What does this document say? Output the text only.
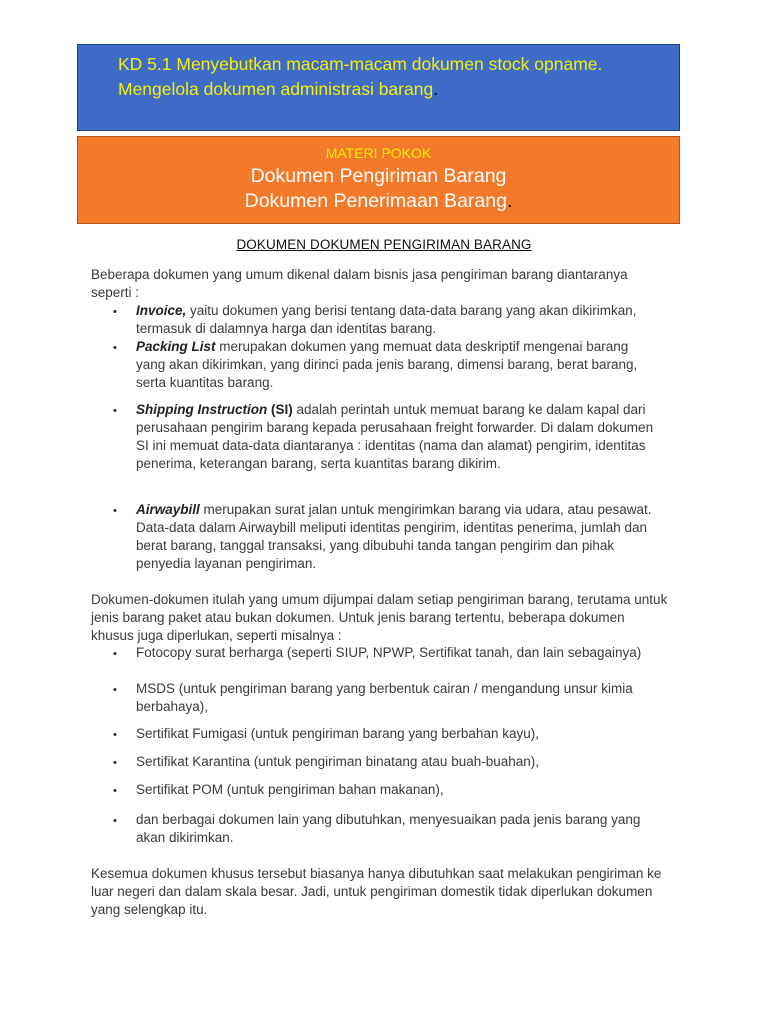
KD 5.1 Menyebutkan macam-macam dokumen stock opname. Mengelola dokumen administrasi barang.
MATERI POKOK
Dokumen Pengiriman Barang
Dokumen Penerimaan Barang.
DOKUMEN DOKUMEN PENGIRIMAN BARANG
Beberapa dokumen yang umum dikenal dalam bisnis jasa pengiriman barang diantaranya seperti :
• Invoice, yaitu dokumen yang berisi tentang data-data barang yang akan dikirimkan, termasuk di dalamnya harga dan identitas barang.
• Packing List merupakan dokumen yang memuat data deskriptif mengenai barang yang akan dikirimkan, yang dirinci pada jenis barang, dimensi barang, berat barang, serta kuantitas barang.
• Shipping Instruction (SI) adalah perintah untuk memuat barang ke dalam kapal dari perusahaan pengirim barang kepada perusahaan freight forwarder. Di dalam dokumen SI ini memuat data-data diantaranya : identitas (nama dan alamat) pengirim, identitas penerima, keterangan barang, serta kuantitas barang dikirim.
• Airwaybill merupakan surat jalan untuk mengirimkan barang via udara, atau pesawat. Data-data dalam Airwaybill meliputi identitas pengirim, identitas penerima, jumlah dan berat barang, tanggal transaksi, yang dibubuhi tanda tangan pengirim dan pihak penyedia layanan pengiriman.
Dokumen-dokumen itulah yang umum dijumpai dalam setiap pengiriman barang, terutama untuk jenis barang paket atau bukan dokumen. Untuk jenis barang tertentu, beberapa dokumen khusus juga diperlukan, seperti misalnya :
• Fotocopy surat berharga (seperti SIUP, NPWP, Sertifikat tanah, dan lain sebagainya)
• MSDS (untuk pengiriman barang yang berbentuk cairan / mengandung unsur kimia berbahaya),
• Sertifikat Fumigasi (untuk pengiriman barang yang berbahan kayu),
• Sertifikat Karantina (untuk pengiriman binatang atau buah-buahan),
• Sertifikat POM (untuk pengiriman bahan makanan),
• dan berbagai dokumen lain yang dibutuhkan, menyesuaikan pada jenis barang yang akan dikirimkan.
Kesemua dokumen khusus tersebut biasanya hanya dibutuhkan saat melakukan pengiriman ke luar negeri dan dalam skala besar. Jadi, untuk pengiriman domestik tidak diperlukan dokumen yang selengkap itu.
